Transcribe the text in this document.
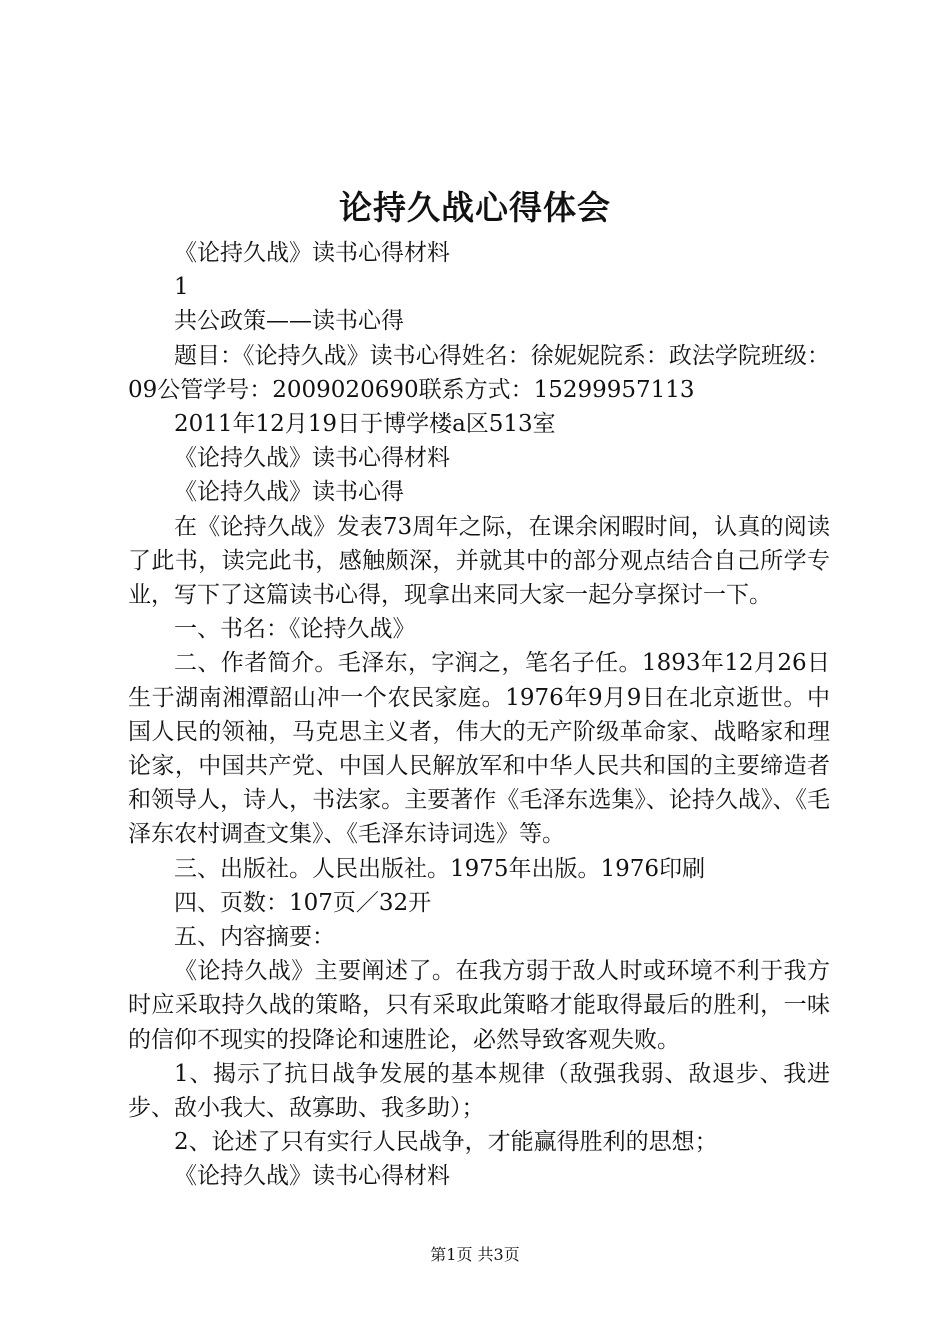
论持久战心得体会

《论持久战》读书心得材料

1

共公政策——读书心得

题目：《论持久战》读书心得姓名：徐妮妮院系：政法学院班级：09公管学号：2009020690联系方式：15299957113

2011年12月19日于博学楼a区513室

《论持久战》读书心得材料

《论持久战》读书心得

在《论持久战》发表73周年之际，在课余闲暇时间，认真的阅读了此书，读完此书，感触颇深，并就其中的部分观点结合自己所学专业，写下了这篇读书心得，现拿出来同大家一起分享探讨一下。

一、书名：《论持久战》

二、作者简介。毛泽东，字润之，笔名子任。1893年12月26日生于湖南湘潭韶山冲一个农民家庭。1976年9月9日在北京逝世。中国人民的领袖，马克思主义者，伟大的无产阶级革命家、战略家和理论家，中国共产党、中国人民解放军和中华人民共和国的主要缔造者和领导人，诗人，书法家。主要著作《毛泽东选集》、论持久战》、《毛泽东农村调查文集》、《毛泽东诗词选》等。

三、出版社。人民出版社。1975年出版。1976印刷

四、页数：107页／32开

五、内容摘要：

《论持久战》主要阐述了。在我方弱于敌人时或环境不利于我方时应采取持久战的策略，只有采取此策略才能取得最后的胜利，一味的信仰不现实的投降论和速胜论，必然导致客观失败。

1、揭示了抗日战争发展的基本规律（敌强我弱、敌退步、我进步、敌小我大、敌寡助、我多助）；

2、论述了只有实行人民战争，才能赢得胜利的思想；

《论持久战》读书心得材料

第1页 共3页
